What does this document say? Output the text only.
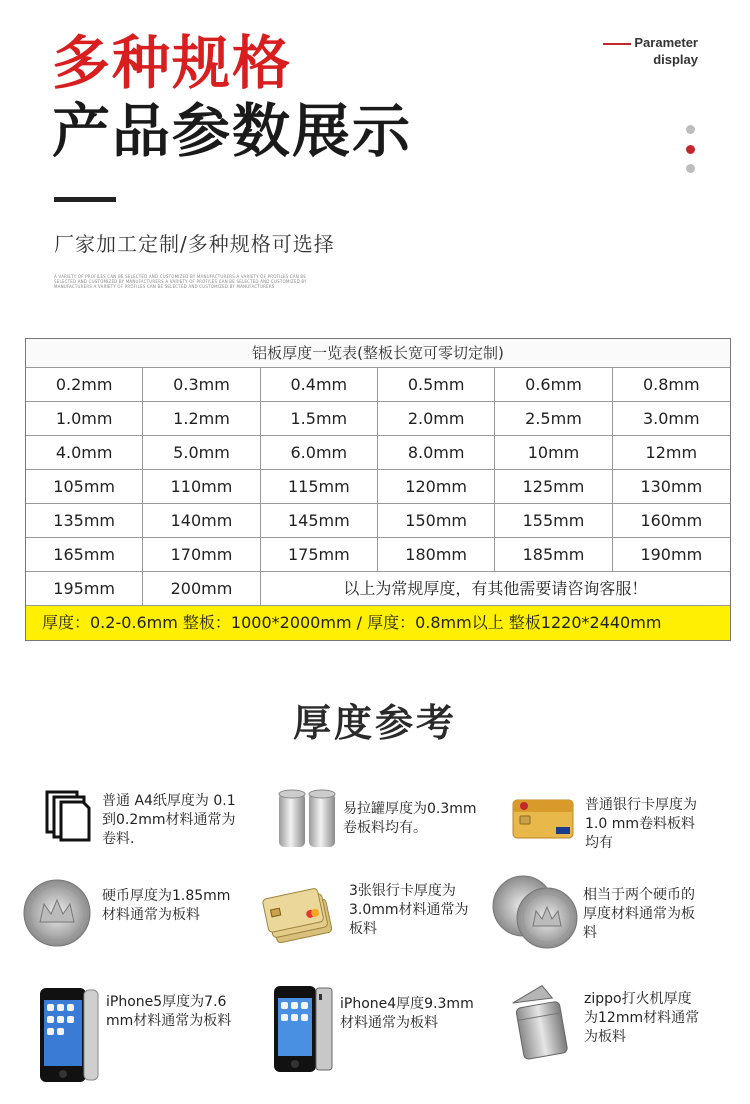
多种规格
产品参数展示
Parameter
display
厂家加工定制/多种规格可选择
A VARIETY OF PROFILES CAN BE SELECTED AND CUSTOMIZED BY MANUFACTURERS A VARIETY OF PROFILES CAN BE SELECTED AND CUSTOMIZED BY MANUFACTURERS A VARIETY OF PROFILES CAN BE SELECTED AND CUSTOMIZED BY MANUFACTURERS A VARIETY OF PROFILES CAN BE SELECTED AND CUSTOMIZED BY MANUFACTURERS
铝板厚度一览表(整板长宽可零切定制)
0.2mm	0.3mm	0.4mm	0.5mm	0.6mm	0.8mm
1.0mm	1.2mm	1.5mm	2.0mm	2.5mm	3.0mm
4.0mm	5.0mm	6.0mm	8.0mm	10mm	12mm
105mm	110mm	115mm	120mm	125mm	130mm
135mm	140mm	145mm	150mm	155mm	160mm
165mm	170mm	175mm	180mm	185mm	190mm
195mm	200mm	以上为常规厚度，有其他需要请咨询客服！
厚度：0.2-0.6mm 整板：1000*2000mm / 厚度：0.8mm以上 整板1220*2440mm
厚度参考
普通 A4纸厚度为 0.1
到0.2mm材料通常为
卷料.
易拉罐厚度为0.3mm
卷板料均有。
普通银行卡厚度为
1.0 mm卷料板料
均有
硬币厚度为1.85mm
材料通常为板料
3张银行卡厚度为
3.0mm材料通常为
板料
相当于两个硬币的
厚度材料通常为板
料
iPhone5厚度为7.6
mm材料通常为板料
iPhone4厚度9.3mm
材料通常为板料
zippo打火机厚度
为12mm材料通常
为板料
